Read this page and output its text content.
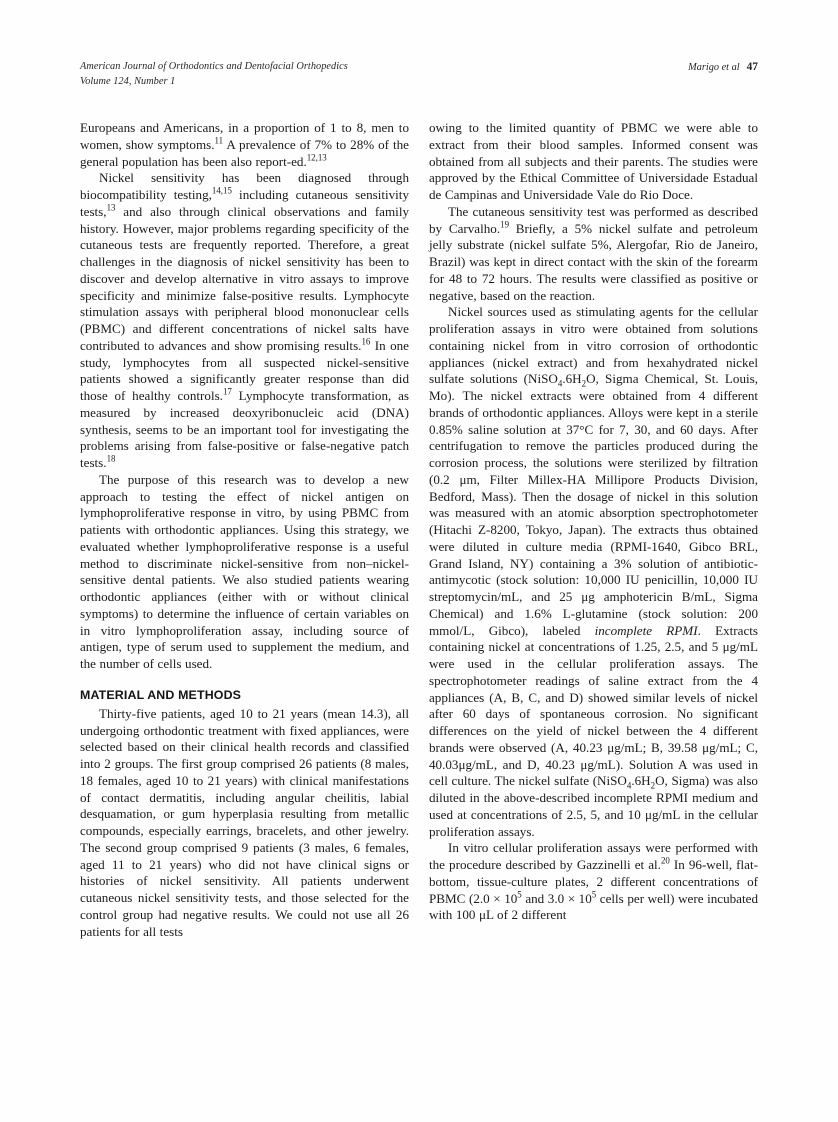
American Journal of Orthodontics and Dentofacial Orthopedics
Volume 124, Number 1
Marigo et al 47

Europeans and Americans, in a proportion of 1 to 8, men to women, show symptoms.$^{11}$ A prevalence of 7% to 28% of the general population has been also report-ed.$^{12,13}$

Nickel sensitivity has been diagnosed through biocompatibility testing,$^{14,15}$ including cutaneous sensitivity tests,$^{13}$ and also through clinical observations and family history. However, major problems regarding specificity of the cutaneous tests are frequently reported. Therefore, a great challenges in the diagnosis of nickel sensitivity has been to discover and develop alternative in vitro assays to improve specificity and minimize false-positive results. Lymphocyte stimulation assays with peripheral blood mononuclear cells (PBMC) and different concentrations of nickel salts have contributed to advances and show promising results.$^{16}$ In one study, lymphocytes from all suspected nickel-sensitive patients showed a significantly greater response than did those of healthy controls.$^{17}$ Lymphocyte transformation, as measured by increased deoxyribonucleic acid (DNA) synthesis, seems to be an important tool for investigating the problems arising from false-positive or false-negative patch tests.$^{18}$

The purpose of this research was to develop a new approach to testing the effect of nickel antigen on lymphoproliferative response in vitro, by using PBMC from patients with orthodontic appliances. Using this strategy, we evaluated whether lymphoproliferative response is a useful method to discriminate nickel-sensitive from non–nickel-sensitive dental patients. We also studied patients wearing orthodontic appliances (either with or without clinical symptoms) to determine the influence of certain variables on in vitro lymphoproliferation assay, including source of antigen, type of serum used to supplement the medium, and the number of cells used.

MATERIAL AND METHODS

Thirty-five patients, aged 10 to 21 years (mean 14.3), all undergoing orthodontic treatment with fixed appliances, were selected based on their clinical health records and classified into 2 groups. The first group comprised 26 patients (8 males, 18 females, aged 10 to 21 years) with clinical manifestations of contact dermatitis, including angular cheilitis, labial desquamation, or gum hyperplasia resulting from metallic compounds, especially earrings, bracelets, and other jewelry. The second group comprised 9 patients (3 males, 6 females, aged 11 to 21 years) who did not have clinical signs or histories of nickel sensitivity. All patients underwent cutaneous nickel sensitivity tests, and those selected for the control group had negative results. We could not use all 26 patients for all tests

owing to the limited quantity of PBMC we were able to extract from their blood samples. Informed consent was obtained from all subjects and their parents. The studies were approved by the Ethical Committee of Universidade Estadual de Campinas and Universidade Vale do Rio Doce.

The cutaneous sensitivity test was performed as described by Carvalho.$^{19}$ Briefly, a 5% nickel sulfate and petroleum jelly substrate (nickel sulfate 5%, Alergofar, Rio de Janeiro, Brazil) was kept in direct contact with the skin of the forearm for 48 to 72 hours. The results were classified as positive or negative, based on the reaction.

Nickel sources used as stimulating agents for the cellular proliferation assays in vitro were obtained from solutions containing nickel from in vitro corrosion of orthodontic appliances (nickel extract) and from hexahydrated nickel sulfate solutions ($NiSO_4.6H_2O$, Sigma Chemical, St. Louis, Mo). The nickel extracts were obtained from 4 different brands of orthodontic appliances. Alloys were kept in a sterile 0.85% saline solution at 37°C for 7, 30, and 60 days. After centrifugation to remove the particles produced during the corrosion process, the solutions were sterilized by filtration (0.2 μm, Filter Millex-HA Millipore Products Division, Bedford, Mass). Then the dosage of nickel in this solution was measured with an atomic absorption spectrophotometer (Hitachi Z-8200, Tokyo, Japan). The extracts thus obtained were diluted in culture media (RPMI-1640, Gibco BRL, Grand Island, NY) containing a 3% solution of antibiotic-antimycotic (stock solution: 10,000 IU penicillin, 10,000 IU streptomycin/mL, and 25 μg amphotericin B/mL, Sigma Chemical) and 1.6% L-glutamine (stock solution: 200 mmol/L, Gibco), labeled incomplete RPMI. Extracts containing nickel at concentrations of 1.25, 2.5, and 5 μg/mL were used in the cellular proliferation assays. The spectrophotometer readings of saline extract from the 4 appliances (A, B, C, and D) showed similar levels of nickel after 60 days of spontaneous corrosion. No significant differences on the yield of nickel between the 4 different brands were observed (A, 40.23 μg/mL; B, 39.58 μg/mL; C, 40.03μg/mL, and D, 40.23 μg/mL). Solution A was used in cell culture. The nickel sulfate ($NiSO_4.6H_2O$, Sigma) was also diluted in the above-described incomplete RPMI medium and used at concentrations of 2.5, 5, and 10 μg/mL in the cellular proliferation assays.

In vitro cellular proliferation assays were performed with the procedure described by Gazzinelli et al.$^{20}$ In 96-well, flat-bottom, tissue-culture plates, 2 different concentrations of PBMC ($2.0 \times 10^5$ and $3.0 \times 10^5$ cells per well) were incubated with 100 μL of 2 different
